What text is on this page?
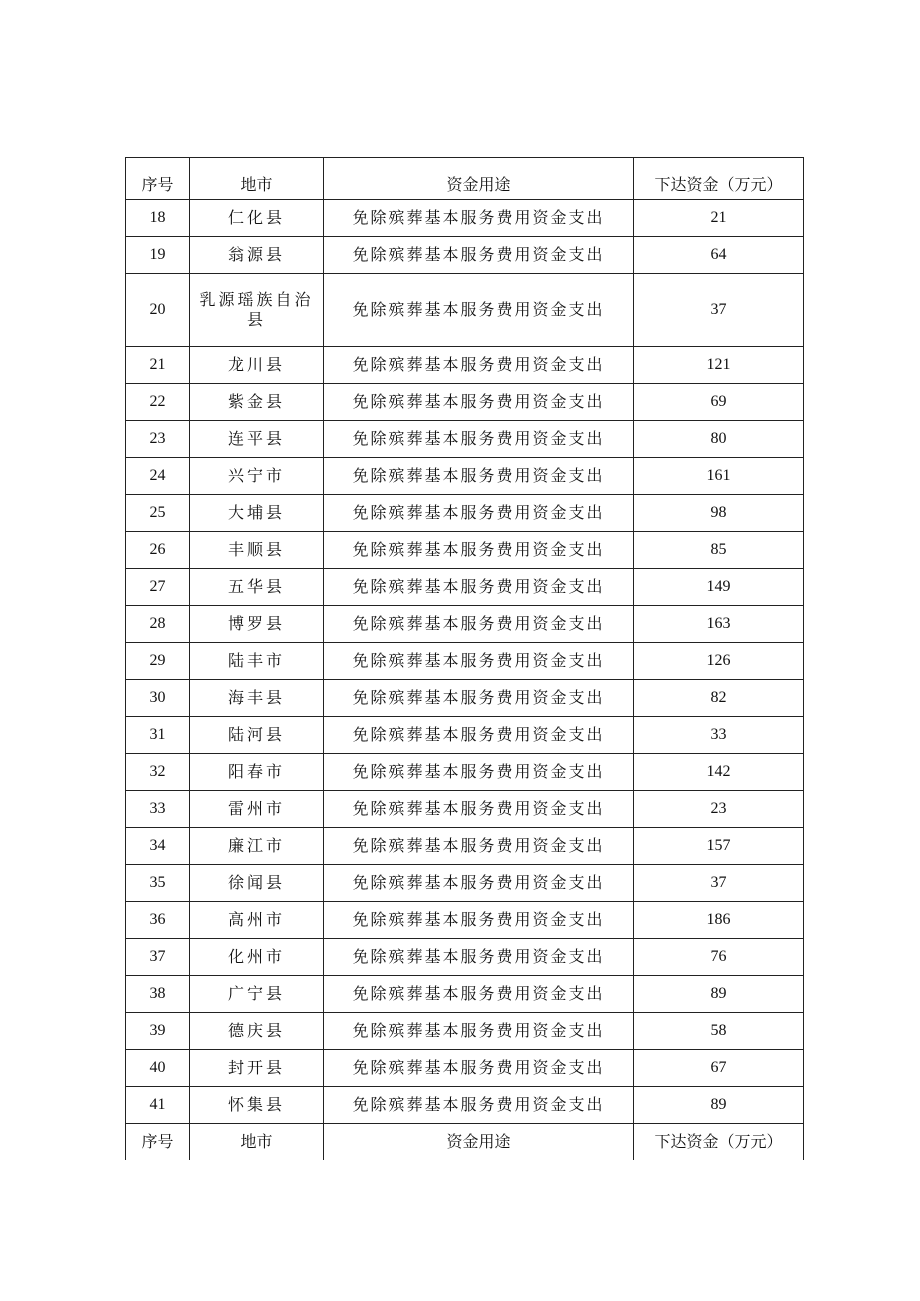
序号	地市	资金用途	下达资金（万元）
18	仁化县	免除殡葬基本服务费用资金支出	21
19	翁源县	免除殡葬基本服务费用资金支出	64
20	乳源瑶族自治县	免除殡葬基本服务费用资金支出	37
21	龙川县	免除殡葬基本服务费用资金支出	121
22	紫金县	免除殡葬基本服务费用资金支出	69
23	连平县	免除殡葬基本服务费用资金支出	80
24	兴宁市	免除殡葬基本服务费用资金支出	161
25	大埔县	免除殡葬基本服务费用资金支出	98
26	丰顺县	免除殡葬基本服务费用资金支出	85
27	五华县	免除殡葬基本服务费用资金支出	149
28	博罗县	免除殡葬基本服务费用资金支出	163
29	陆丰市	免除殡葬基本服务费用资金支出	126
30	海丰县	免除殡葬基本服务费用资金支出	82
31	陆河县	免除殡葬基本服务费用资金支出	33
32	阳春市	免除殡葬基本服务费用资金支出	142
33	雷州市	免除殡葬基本服务费用资金支出	23
34	廉江市	免除殡葬基本服务费用资金支出	157
35	徐闻县	免除殡葬基本服务费用资金支出	37
36	高州市	免除殡葬基本服务费用资金支出	186
37	化州市	免除殡葬基本服务费用资金支出	76
38	广宁县	免除殡葬基本服务费用资金支出	89
39	德庆县	免除殡葬基本服务费用资金支出	58
40	封开县	免除殡葬基本服务费用资金支出	67
41	怀集县	免除殡葬基本服务费用资金支出	89
序号	地市	资金用途	下达资金（万元）
